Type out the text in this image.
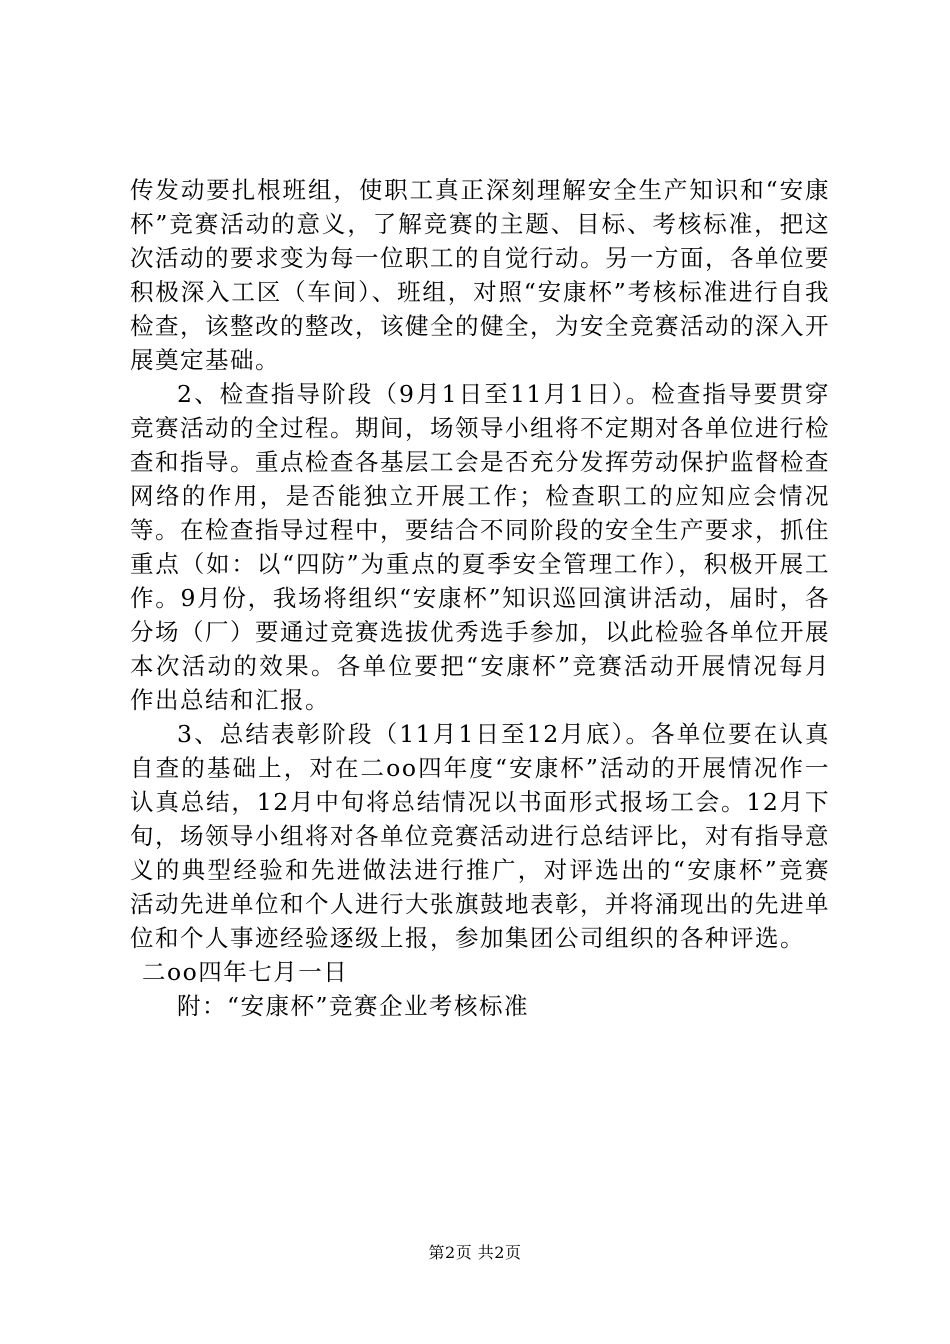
传发动要扎根班组，使职工真正深刻理解安全生产知识和“安康杯”竞赛活动的意义，了解竞赛的主题、目标、考核标准，把这次活动的要求变为每一位职工的自觉行动。另一方面，各单位要积极深入工区（车间）、班组，对照“安康杯”考核标准进行自我检查，该整改的整改，该健全的健全，为安全竞赛活动的深入开展奠定基础。

2、检查指导阶段（9月1日至11月1日）。检查指导要贯穿竞赛活动的全过程。期间，场领导小组将不定期对各单位进行检查和指导。重点检查各基层工会是否充分发挥劳动保护监督检查网络的作用，是否能独立开展工作；检查职工的应知应会情况等。在检查指导过程中，要结合不同阶段的安全生产要求，抓住重点（如：以“四防”为重点的夏季安全管理工作），积极开展工作。9月份，我场将组织“安康杯”知识巡回演讲活动，届时，各分场（厂）要通过竞赛选拔优秀选手参加，以此检验各单位开展本次活动的效果。各单位要把“安康杯”竞赛活动开展情况每月作出总结和汇报。

3、总结表彰阶段（11月1日至12月底）。各单位要在认真自查的基础上，对在二oo四年度“安康杯”活动的开展情况作一认真总结，12月中旬将总结情况以书面形式报场工会。12月下旬，场领导小组将对各单位竞赛活动进行总结评比，对有指导意义的典型经验和先进做法进行推广，对评选出的“安康杯”竞赛活动先进单位和个人进行大张旗鼓地表彰，并将涌现出的先进单位和个人事迹经验逐级上报，参加集团公司组织的各种评选。

二oo四年七月一日

附：“安康杯”竞赛企业考核标准

第2页 共2页
